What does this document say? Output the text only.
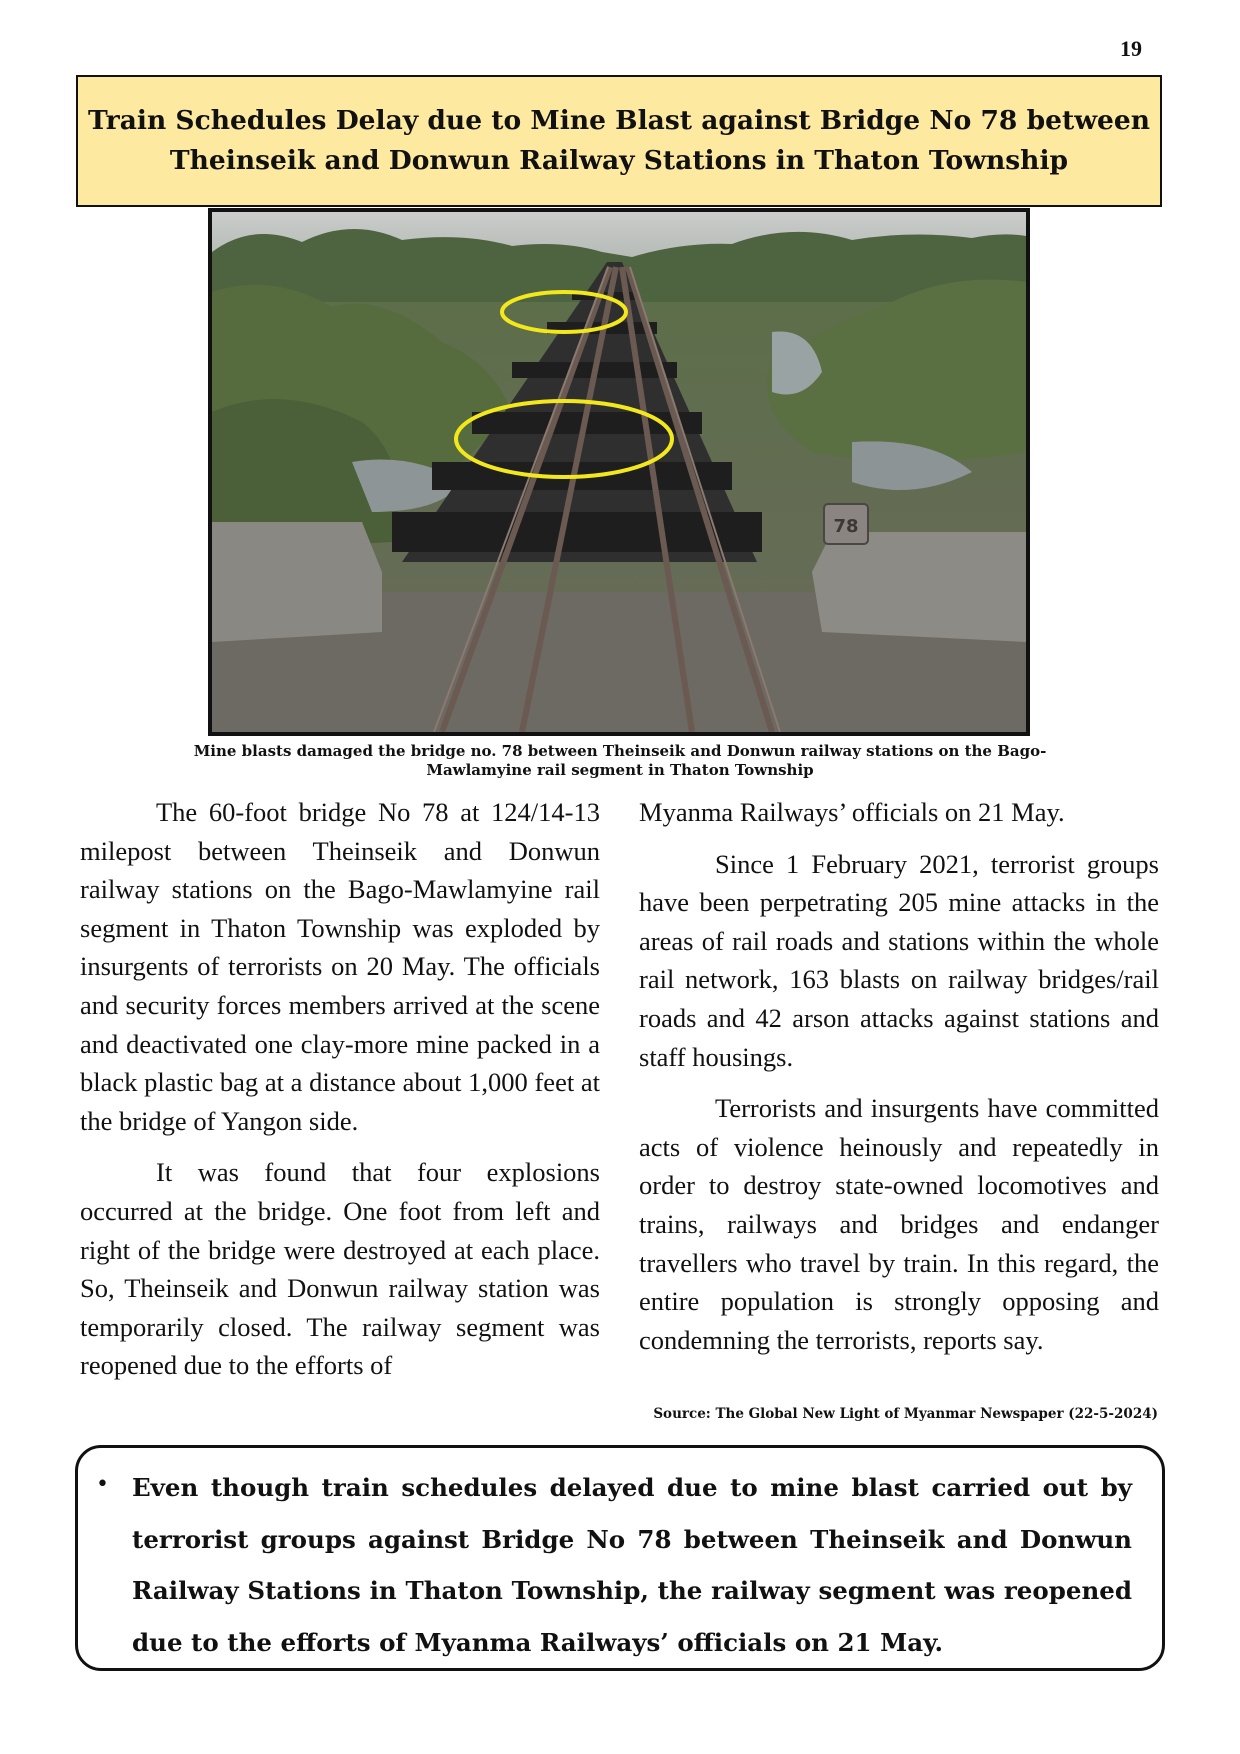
19
Train Schedules Delay due to Mine Blast against Bridge No 78 between
Theinseik and Donwun Railway Stations in Thaton Township
78
Mine blasts damaged the bridge no. 78 between Theinseik and Donwun railway stations on the Bago-
Mawlamyine rail segment in Thaton Township

The 60-foot bridge No 78 at 124/14-13 milepost between Theinseik and Donwun railway stations on the Bago-Mawlamyine rail segment in Thaton Township was exploded by insurgents of terrorists on 20 May. The officials and security forces members arrived at the scene and deactivated one clay-more mine packed in a black plastic bag at a distance about 1,000 feet at the bridge of Yangon side.

It was found that four explosions occurred at the bridge. One foot from left and right of the bridge were destroyed at each place. So, Theinseik and Donwun railway station was temporarily closed. The railway segment was reopened due to the efforts of

Myanma Railways’ officials on 21 May.

Since 1 February 2021, terrorist groups have been perpetrating 205 mine attacks in the areas of rail roads and stations within the whole rail network, 163 blasts on railway bridges/rail roads and 42 arson attacks against stations and staff housings.

Terrorists and insurgents have committed acts of violence heinously and repeatedly in order to destroy state-owned locomotives and trains, railways and bridges and endanger travellers who travel by train. In this regard, the entire population is strongly opposing and condemning the terrorists, reports say.

Source: The Global New Light of Myanmar Newspaper (22-5-2024)
• Even though train schedules delayed due to mine blast carried out by terrorist groups against Bridge No 78 between Theinseik and Donwun Railway Stations in Thaton Township, the railway segment was reopened due to the efforts of Myanma Railways’ officials on 21 May.
